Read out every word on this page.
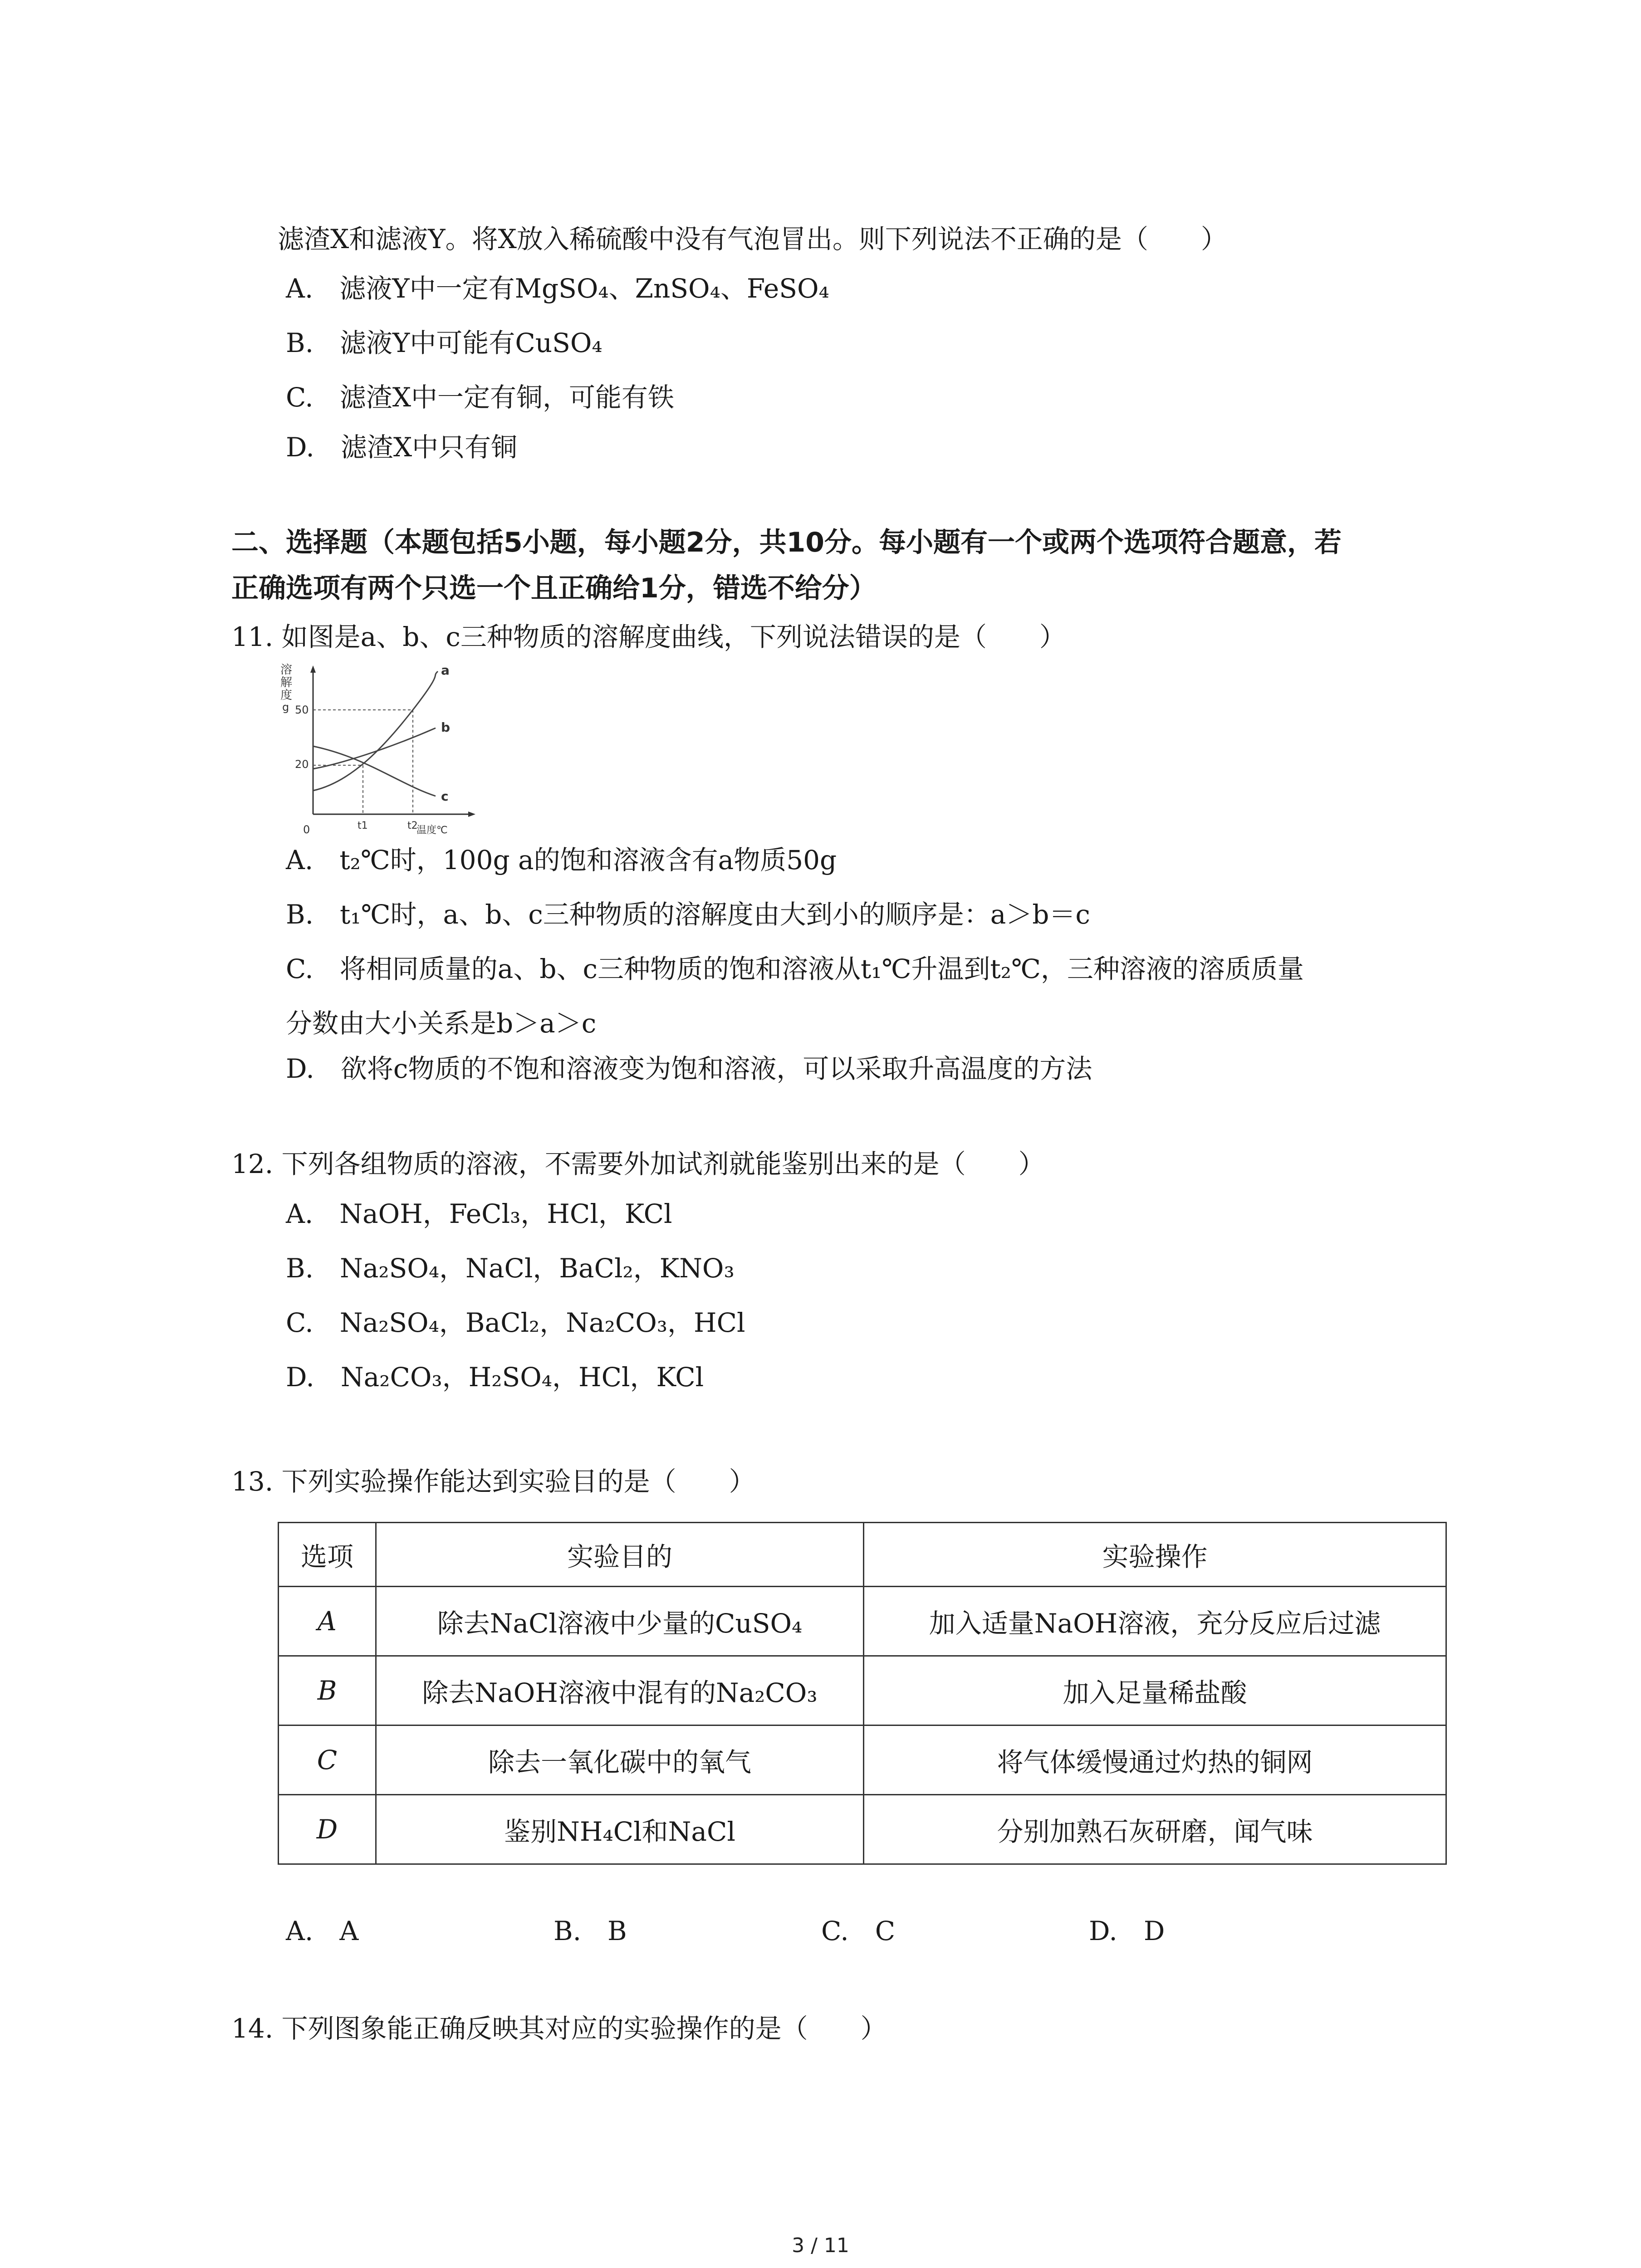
滤渣X和滤液Y。将X放入稀硫酸中没有气泡冒出。则下列说法不正确的是（　　）
A.　滤液Y中一定有MgSO₄、ZnSO₄、FeSO₄
B.　滤液Y中可能有CuSO₄
C.　滤渣X中一定有铜，可能有铁
D.　滤渣X中只有铜
二、选择题（本题包括5小题，每小题2分，共10分。每小题有一个或两个选项符合题意，若
正确选项有两个只选一个且正确给1分，错选不给分）
11. 如图是a、b、c三种物质的溶解度曲线，下列说法错误的是（　　）
溶
解
度
g
0
50
20
t1	t2
温度℃
a
b
c
A.　t₂℃时，100g a的饱和溶液含有a物质50g
B.　t₁℃时，a、b、c三种物质的溶解度由大到小的顺序是：a＞b＝c
C.　将相同质量的a、b、c三种物质的饱和溶液从t₁℃升温到t₂℃，三种溶液的溶质质量
分数由大小关系是b＞a＞c
D.　欲将c物质的不饱和溶液变为饱和溶液，可以采取升高温度的方法
12. 下列各组物质的溶液，不需要外加试剂就能鉴别出来的是（　　）
A.　NaOH，FeCl₃，HCl，KCl
B.　Na₂SO₄，NaCl，BaCl₂，KNO₃
C.　Na₂SO₄，BaCl₂，Na₂CO₃，HCl
D.　Na₂CO₃，H₂SO₄，HCl，KCl
13. 下列实验操作能达到实验目的是（　　）
选项	实验目的	实验操作
A	除去NaCl溶液中少量的CuSO₄	加入适量NaOH溶液，充分反应后过滤
B	除去NaOH溶液中混有的Na₂CO₃	加入足量稀盐酸
C	除去一氧化碳中的氧气	将气体缓慢通过灼热的铜网
D	鉴别NH₄Cl和NaCl	分别加熟石灰研磨，闻气味
A.　A	B.　B	C.　C	D.　D
14. 下列图象能正确反映其对应的实验操作的是（　　）
3 / 11
